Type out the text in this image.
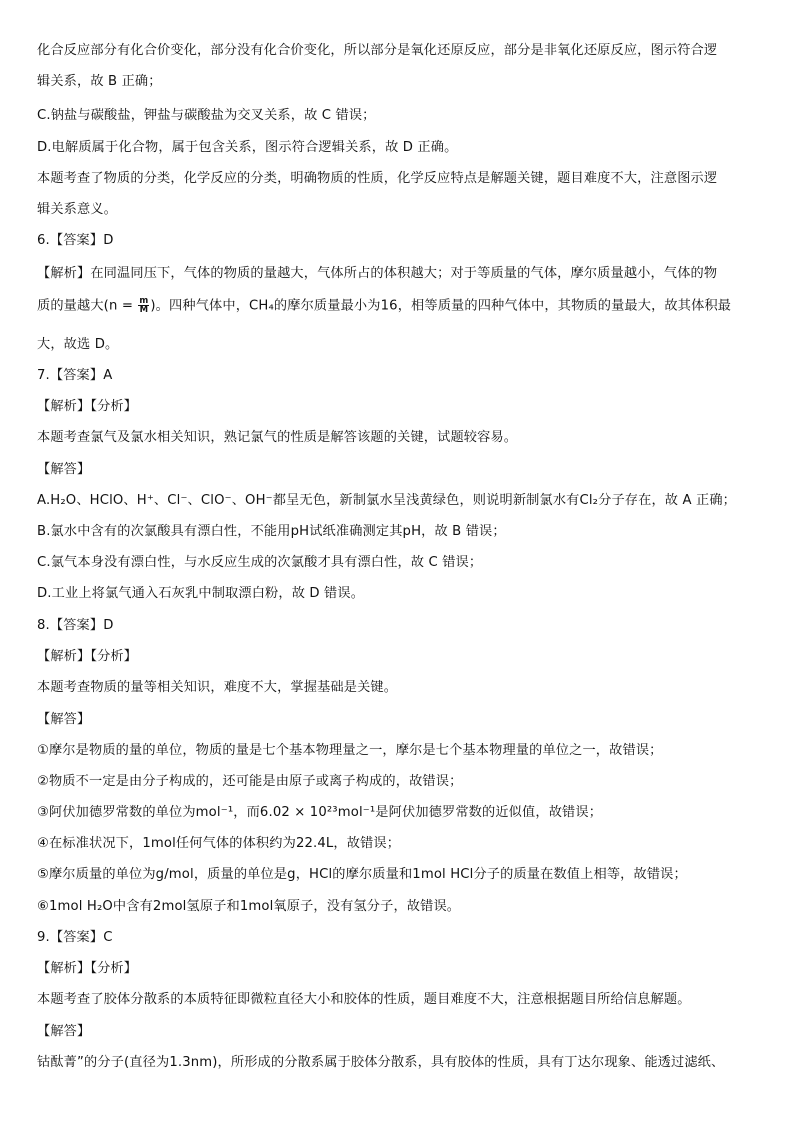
化合反应部分有化合价变化，部分没有化合价变化，所以部分是氧化还原反应，部分是非氧化还原反应，图示符合逻
辑关系，故 B 正确；
C.钠盐与碳酸盐，钾盐与碳酸盐为交叉关系，故 C 错误；
D.电解质属于化合物，属于包含关系，图示符合逻辑关系，故 D 正确。
本题考查了物质的分类，化学反应的分类，明确物质的性质，化学反应特点是解题关键，题目难度不大，注意图示逻
辑关系意义。
6.【答案】D
【解析】在同温同压下，气体的物质的量越大，气体所占的体积越大；对于等质量的气体，摩尔质量越小，气体的物
质的量越大($n = \frac{m}{M}$ )。四种气体中，CH₄的摩尔质量最小为16，相等质量的四种气体中，其物质的量最大，故其体积最
大，故选 D。
7.【答案】A
【解析】【分析】
本题考查氯气及氯水相关知识，熟记氯气的性质是解答该题的关键，试题较容易。
【解答】
A.H₂O、HClO、H⁺、Cl⁻、ClO⁻、OH⁻都呈无色，新制氯水呈浅黄绿色，则说明新制氯水有Cl₂分子存在，故 A 正确；
B.氯水中含有的次氯酸具有漂白性，不能用pH试纸准确测定其pH，故 B 错误；
C.氯气本身没有漂白性，与水反应生成的次氯酸才具有漂白性，故 C 错误；
D.工业上将氯气通入石灰乳中制取漂白粉，故 D 错误。
8.【答案】D
【解析】【分析】
本题考查物质的量等相关知识，难度不大，掌握基础是关键。
【解答】
①摩尔是物质的量的单位，物质的量是七个基本物理量之一，摩尔是七个基本物理量的单位之一，故错误；
②物质不一定是由分子构成的，还可能是由原子或离子构成的，故错误；
③阿伏加德罗常数的单位为mol⁻¹，而6.02 × 10²³mol⁻¹是阿伏加德罗常数的近似值，故错误；
④在标准状况下，1mol任何气体的体积约为22.4L，故错误；
⑤摩尔质量的单位为g/mol，质量的单位是g，HCl的摩尔质量和1mol HCl分子的质量在数值上相等，故错误；
⑥1mol H₂O中含有2mol氢原子和1mol氧原子，没有氢分子，故错误。
9.【答案】C
【解析】【分析】
本题考查了胶体分散系的本质特征即微粒直径大小和胶体的性质，题目难度不大，注意根据题目所给信息解题。
【解答】
钴酞菁”的分子(直径为1.3nm)，所形成的分散系属于胶体分散系，具有胶体的性质，具有丁达尔现象、能透过滤纸、
